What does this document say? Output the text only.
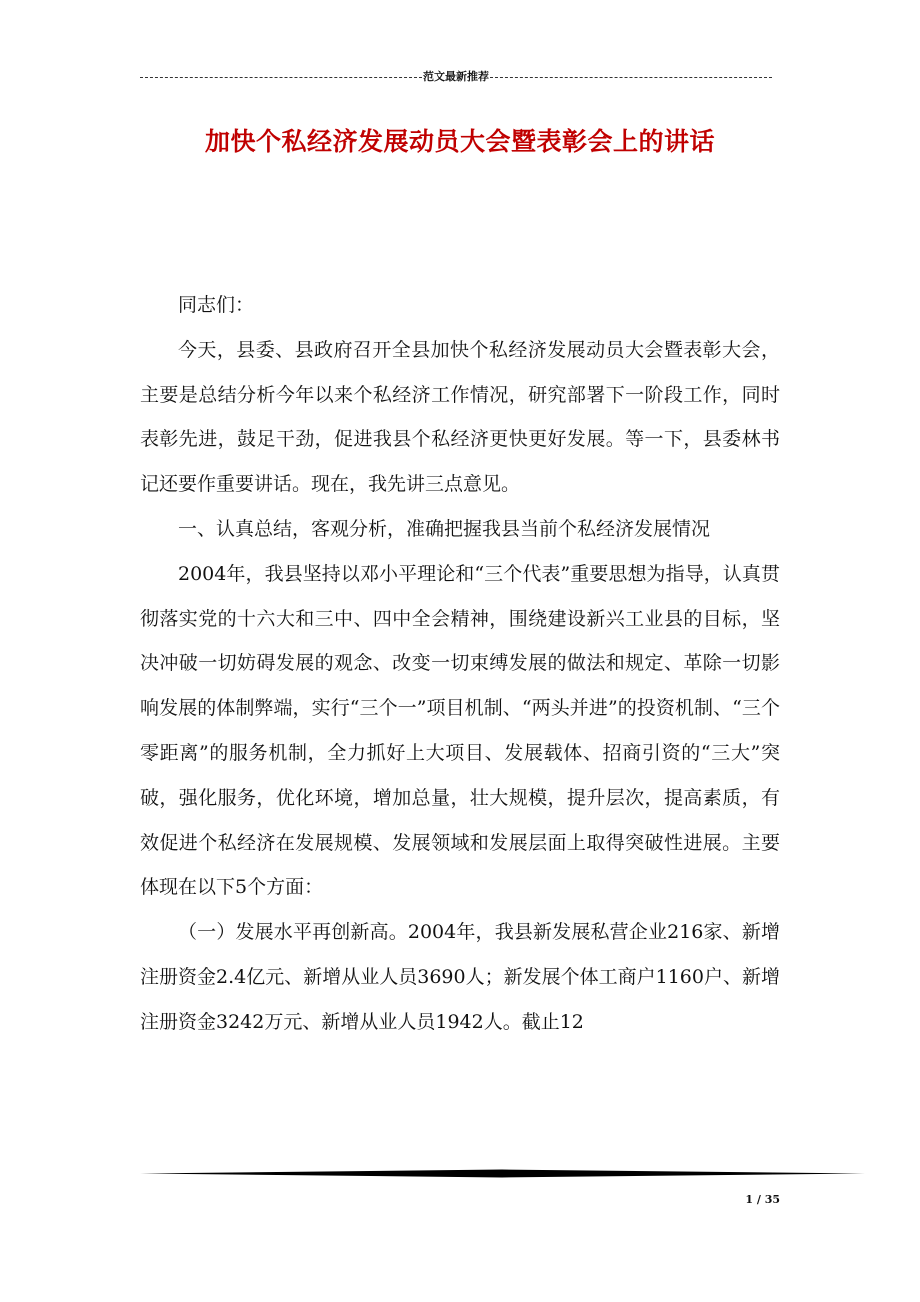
范文最新推荐
加快个私经济发展动员大会暨表彰会上的讲话

同志们：

今天，县委、县政府召开全县加快个私经济发展动员大会暨表彰大会，主要是总结分析今年以来个私经济工作情况，研究部署下一阶段工作，同时表彰先进，鼓足干劲，促进我县个私经济更快更好发展。等一下，县委林书记还要作重要讲话。现在，我先讲三点意见。

一、认真总结，客观分析，准确把握我县当前个私经济发展情况

2004年，我县坚持以邓小平理论和“三个代表”重要思想为指导，认真贯彻落实党的十六大和三中、四中全会精神，围绕建设新兴工业县的目标，坚决冲破一切妨碍发展的观念、改变一切束缚发展的做法和规定、革除一切影响发展的体制弊端，实行“三个一”项目机制、“两头并进”的投资机制、“三个零距离”的服务机制，全力抓好上大项目、发展载体、招商引资的“三大”突破，强化服务，优化环境，增加总量，壮大规模，提升层次，提高素质，有效促进个私经济在发展规模、发展领域和发展层面上取得突破性进展。主要体现在以下5个方面：

（一）发展水平再创新高。2004年，我县新发展私营企业216家、新增注册资金2.4亿元、新增从业人员3690人；新发展个体工商户1160户、新增注册资金3242万元、新增从业人员1942人。截止12

1 / 35
